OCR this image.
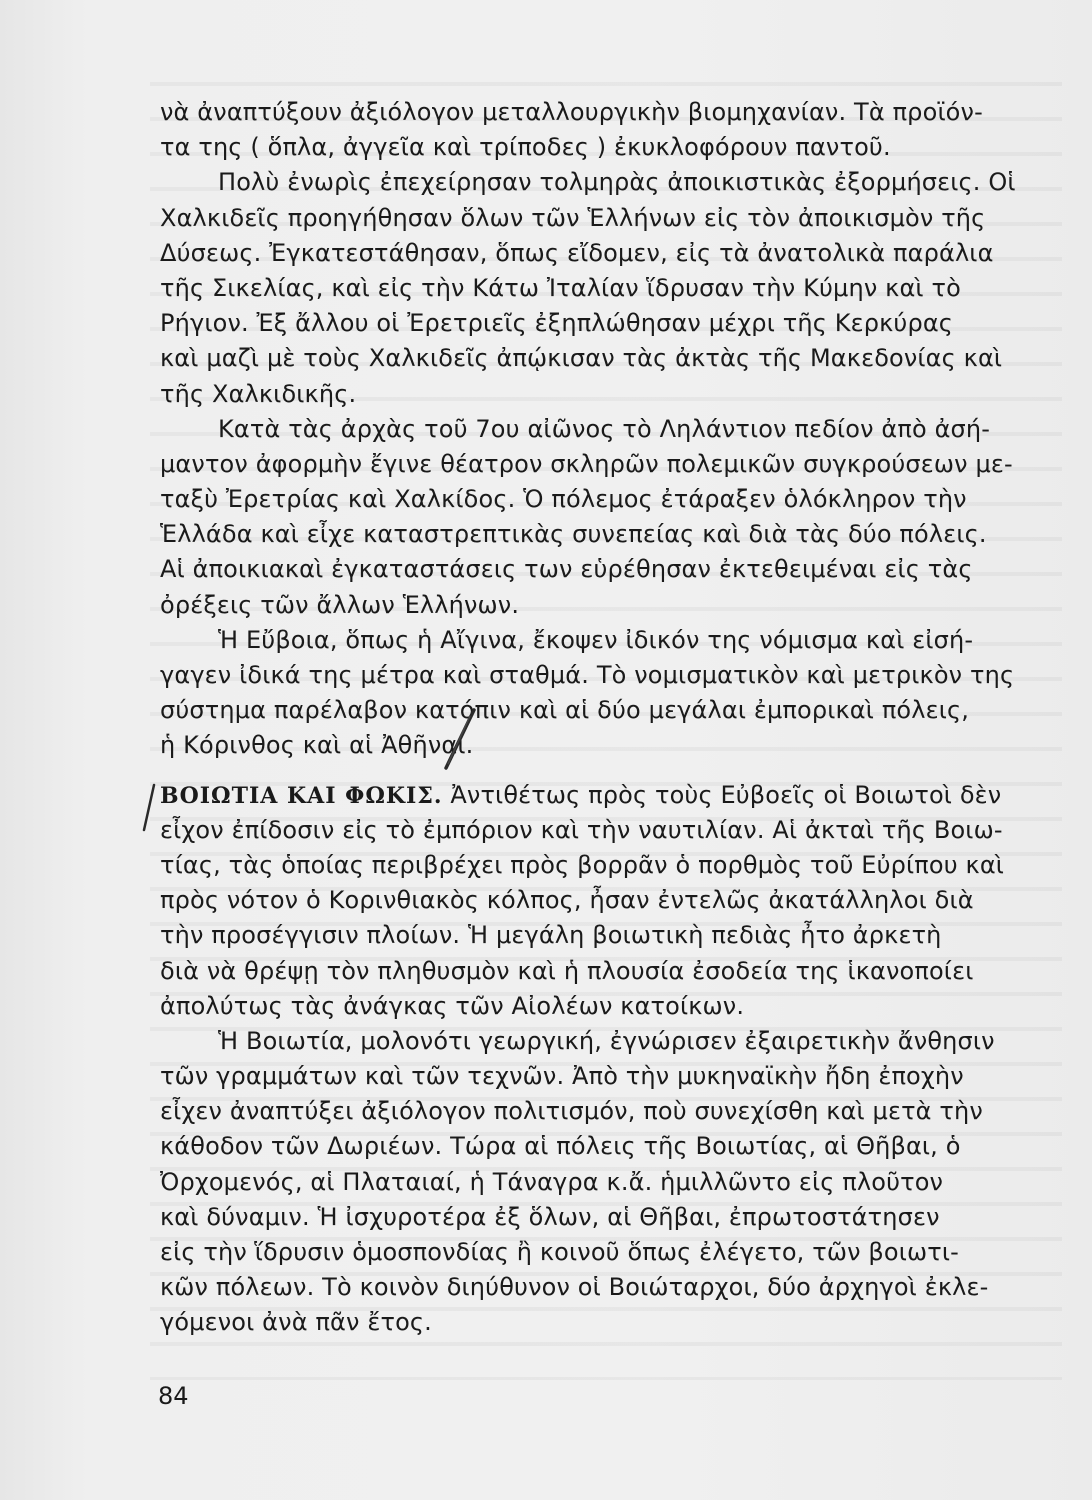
νὰ ἀναπτύξουν ἀξιόλογον μεταλλουργικὴν βιομηχανίαν. Τὰ προϊόν-
τα της ( ὅπλα, ἀγγεῖα καὶ τρίποδες ) ἐκυκλοφόρουν παντοῦ.
Πολὺ ἐνωρὶς ἐπεχείρησαν τολμηρὰς ἀποικιστικὰς ἐξορμήσεις. Οἱ
Χαλκιδεῖς προηγήθησαν ὅλων τῶν Ἑλλήνων εἰς τὸν ἀποικισμὸν τῆς
Δύσεως. Ἐγκατεστάθησαν, ὅπως εἴδομεν, εἰς τὰ ἀνατολικὰ παράλια
τῆς Σικελίας, καὶ εἰς τὴν Κάτω Ἰταλίαν ἵδρυσαν τὴν Κύμην καὶ τὸ
Ρήγιον. Ἐξ ἄλλου οἱ Ἐρετριεῖς ἐξηπλώθησαν μέχρι τῆς Κερκύρας
καὶ μαζὶ μὲ τοὺς Χαλκιδεῖς ἀπῴκισαν τὰς ἀκτὰς τῆς Μακεδονίας καὶ
τῆς Χαλκιδικῆς.
Κατὰ τὰς ἀρχὰς τοῦ 7ου αἰῶνος τὸ Ληλάντιον πεδίον ἀπὸ ἀσή-
μαντον ἀφορμὴν ἔγινε θέατρον σκληρῶν πολεμικῶν συγκρούσεων με-
ταξὺ Ἐρετρίας καὶ Χαλκίδος. Ὁ πόλεμος ἐτάραξεν ὁλόκληρον τὴν
Ἑλλάδα καὶ εἶχε καταστρεπτικὰς συνεπείας καὶ διὰ τὰς δύο πόλεις.
Αἱ ἀποικιακαὶ ἐγκαταστάσεις των εὑρέθησαν ἐκτεθειμέναι εἰς τὰς
ὀρέξεις τῶν ἄλλων Ἑλλήνων.
Ἡ Εὔβοια, ὅπως ἡ Αἴγινα, ἔκοψεν ἰδικόν της νόμισμα καὶ εἰσή-
γαγεν ἰδικά της μέτρα καὶ σταθμά. Τὸ νομισματικὸν καὶ μετρικὸν της
σύστημα παρέλαβον κατόπιν καὶ αἱ δύο μεγάλαι ἐμπορικαὶ πόλεις,
ἡ Κόρινθος καὶ αἱ Ἀθῆναι.
ΒΟΙΩΤΙΑ ΚΑΙ ΦΩΚΙΣ. Ἀντιθέτως πρὸς τοὺς Εὐβοεῖς οἱ Βοιωτοὶ δὲν
εἶχον ἐπίδοσιν εἰς τὸ ἐμπόριον καὶ τὴν ναυτιλίαν. Αἱ ἀκταὶ τῆς Βοιω-
τίας, τὰς ὁποίας περιβρέχει πρὸς βορρᾶν ὁ πορθμὸς τοῦ Εὐρίπου καὶ
πρὸς νότον ὁ Κορινθιακὸς κόλπος, ἦσαν ἐντελῶς ἀκατάλληλοι διὰ
τὴν προσέγγισιν πλοίων. Ἡ μεγάλη βοιωτικὴ πεδιὰς ἦτο ἀρκετὴ
διὰ νὰ θρέψῃ τὸν πληθυσμὸν καὶ ἡ πλουσία ἐσοδεία της ἱκανοποίει
ἀπολύτως τὰς ἀνάγκας τῶν Αἰολέων κατοίκων.
Ἡ Βοιωτία, μολονότι γεωργική, ἐγνώρισεν ἐξαιρετικὴν ἄνθησιν
τῶν γραμμάτων καὶ τῶν τεχνῶν. Ἀπὸ τὴν μυκηναϊκὴν ἤδη ἐποχὴν
εἶχεν ἀναπτύξει ἀξιόλογον πολιτισμόν, ποὺ συνεχίσθη καὶ μετὰ τὴν
κάθοδον τῶν Δωριέων. Τώρα αἱ πόλεις τῆς Βοιωτίας, αἱ Θῆβαι, ὁ
Ὀρχομενός, αἱ Πλαταιαί, ἡ Τάναγρα κ.ἄ. ἡμιλλῶντο εἰς πλοῦτον
καὶ δύναμιν. Ἡ ἰσχυροτέρα ἐξ ὅλων, αἱ Θῆβαι, ἐπρωτοστάτησεν
εἰς τὴν ἵδρυσιν ὁμοσπονδίας ἢ κοινοῦ ὅπως ἐλέγετο, τῶν βοιωτι-
κῶν πόλεων. Τὸ κοινὸν διηύθυνον οἱ Βοιώταρχοι, δύο ἀρχηγοὶ ἐκλε-
γόμενοι ἀνὰ πᾶν ἔτος.
84
